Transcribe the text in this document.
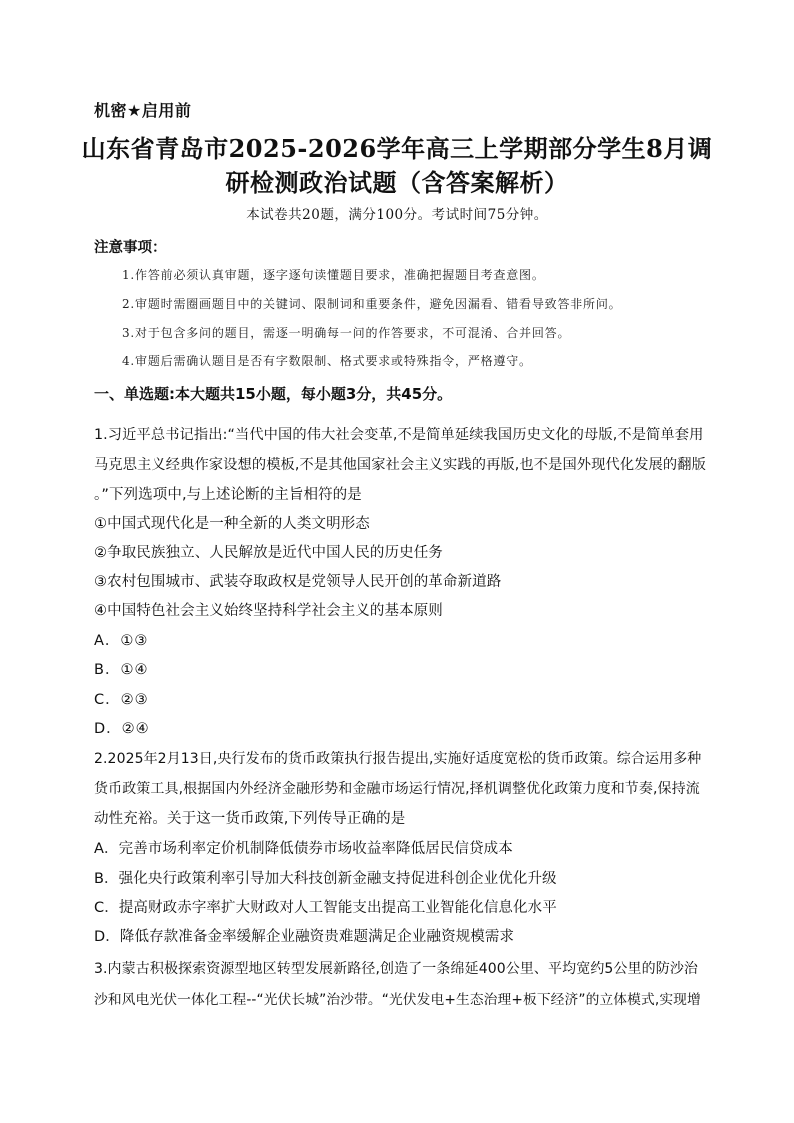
机密★启用前
山东省青岛市2025-2026学年高三上学期部分学生8月调
研检测政治试题（含答案解析）
本试卷共20题，满分100分。考试时间75分钟。
注意事项：
1.作答前必须认真审题，逐字逐句读懂题目要求，准确把握题目考查意图。
2.审题时需圈画题目中的关键词、限制词和重要条件，避免因漏看、错看导致答非所问。
3.对于包含多问的题目，需逐一明确每一问的作答要求，不可混淆、合并回答。
4.审题后需确认题目是否有字数限制、格式要求或特殊指令，严格遵守。
一、单选题:本大题共15小题，每小题3分，共45分。
1.习近平总书记指出:“当代中国的伟大社会变革,不是简单延续我国历史文化的母版,不是简单套用
马克思主义经典作家设想的模板,不是其他国家社会主义实践的再版,也不是国外现代化发展的翻版
。”下列选项中,与上述论断的主旨相符的是
①中国式现代化是一种全新的人类文明形态
②争取民族独立、人民解放是近代中国人民的历史任务
③农村包围城市、武装夺取政权是党领导人民开创的革命新道路
④中国特色社会主义始终坚持科学社会主义的基本原则
A．①③
B．①④
C．②③
D．②④
2.2025年2月13日,央行发布的货币政策执行报告提出,实施好适度宽松的货币政策。综合运用多种
货币政策工具,根据国内外经济金融形势和金融市场运行情况,择机调整优化政策力度和节奏,保持流
动性充裕。关于这一货币政策,下列传导正确的是
A．完善市场利率定价机制降低债券市场收益率降低居民信贷成本
B．强化央行政策利率引导加大科技创新金融支持促进科创企业优化升级
C．提高财政赤字率扩大财政对人工智能支出提高工业智能化信息化水平
D．降低存款准备金率缓解企业融资贵难题满足企业融资规模需求
3.内蒙古积极探索资源型地区转型发展新路径,创造了一条绵延400公里、平均宽约5公里的防沙治
沙和风电光伏一体化工程--“光伏长城”治沙带。“光伏发电+生态治理+板下经济”的立体模式,实现增
